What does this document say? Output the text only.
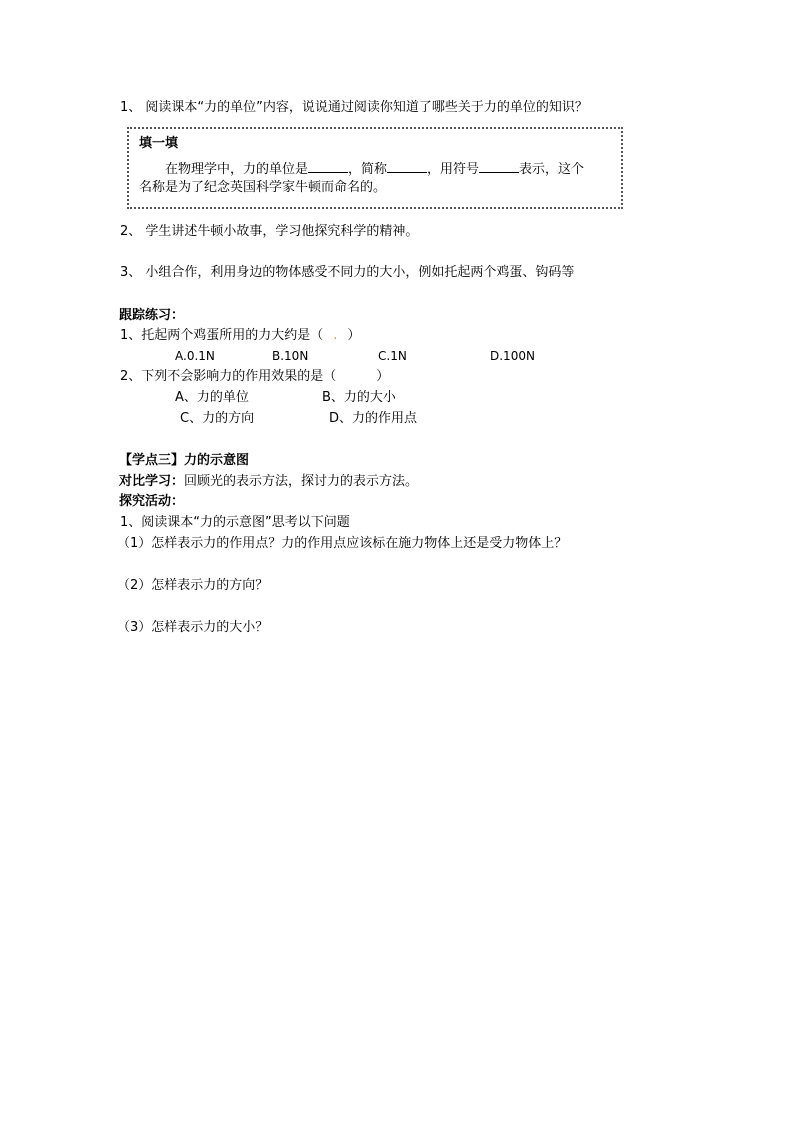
1、 阅读课本“力的单位”内容，说说通过阅读你知道了哪些关于力的单位的知识？
填一填
在物理学中，力的单位是	，简称	，用符号	表示，这个
名称是为了纪念英国科学家牛顿而命名的。
2、 学生讲述牛顿小故事，学习他探究科学的精神。
3、 小组合作，利用身边的物体感受不同力的大小，例如托起两个鸡蛋、钩码等
跟踪练习：
1、托起两个鸡蛋所用的力大约是（ . ）
A.0.1N	B.10N	C.1N	D.100N
2、下列不会影响力的作用效果的是（	）
A、力的单位	B、力的大小
C、力的方向	D、力的作用点
【学点三】力的示意图
对比学习：回顾光的表示方法，探讨力的表示方法。
探究活动：
1、阅读课本“力的示意图”思考以下问题
（1）怎样表示力的作用点？力的作用点应该标在施力物体上还是受力物体上？
（2）怎样表示力的方向？
（3）怎样表示力的大小？
